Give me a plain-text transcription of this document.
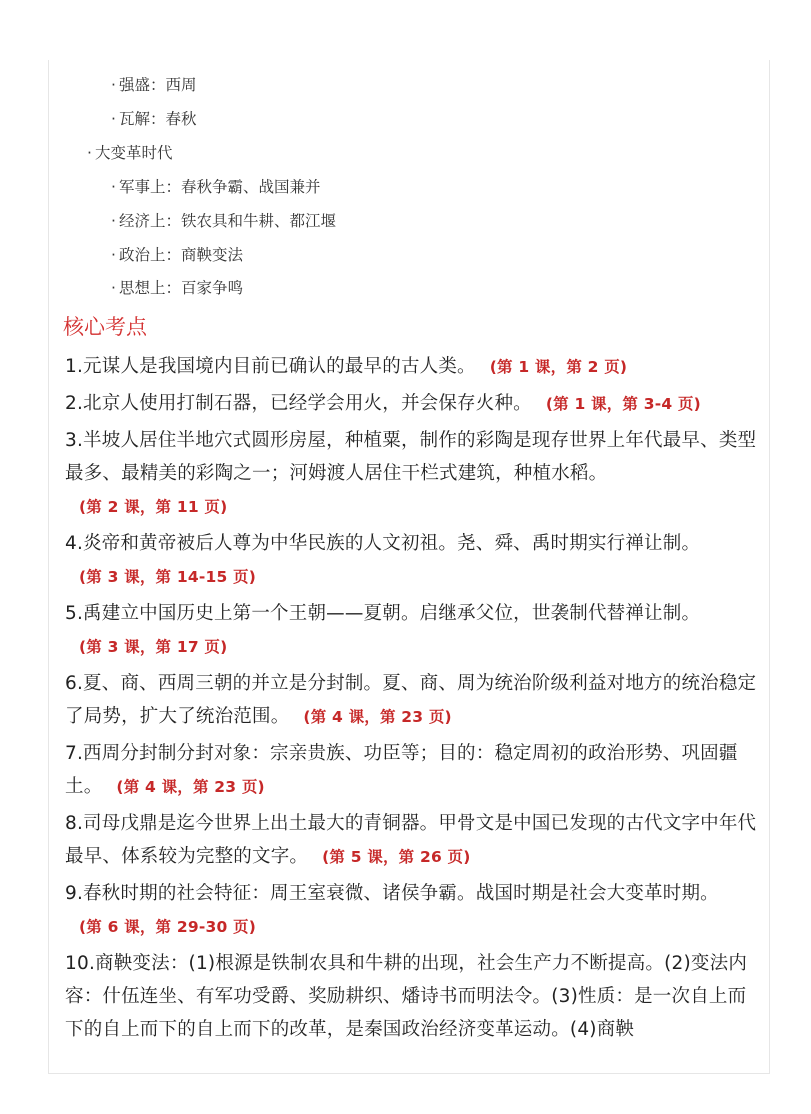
· 强盛：西周
· 瓦解：春秋
· 大变革时代
· 军事上：春秋争霸、战国兼并
· 经济上：铁农具和牛耕、都江堰
· 政治上：商鞅变法
· 思想上：百家争鸣
核心考点

1.元谋人是我国境内目前已确认的最早的古人类。 (第 1 课，第 2 页)

2.北京人使用打制石器，已经学会用火，并会保存火种。 (第 1 课，第 3-4 页)

3.半坡人居住半地穴式圆形房屋，种植粟，制作的彩陶是现存世界上年代最早、类型最多、最精美的彩陶之一；河姆渡人居住干栏式建筑，种植水稻。(第 2 课，第 11 页)

4.炎帝和黄帝被后人尊为中华民族的人文初祖。尧、舜、禹时期实行禅让制。(第 3 课，第 14-15 页)

5.禹建立中国历史上第一个王朝——夏朝。启继承父位，世袭制代替禅让制。(第 3 课，第 17 页)

6.夏、商、西周三朝的并立是分封制。夏、商、周为统治阶级利益对地方的统治稳定了局势，扩大了统治范围。 (第 4 课，第 23 页)

7.西周分封制分封对象：宗亲贵族、功臣等；目的：稳定周初的政治形势、巩固疆土。 (第 4 课，第 23 页)

8.司母戊鼎是迄今世界上出土最大的青铜器。甲骨文是中国已发现的古代文字中年代最早、体系较为完整的文字。 (第 5 课，第 26 页)

9.春秋时期的社会特征：周王室衰微、诸侯争霸。战国时期是社会大变革时期。(第 6 课，第 29-30 页)

10.商鞅变法：(1)根源是铁制农具和牛耕的出现，社会生产力不断提高。(2)变法内容：什伍连坐、有军功受爵、奖励耕织、燔诗书而明法令。(3)性质：是一次自上而下的自上而下的自上而下的改革，是秦国政治经济变革运动。(4)商鞅
